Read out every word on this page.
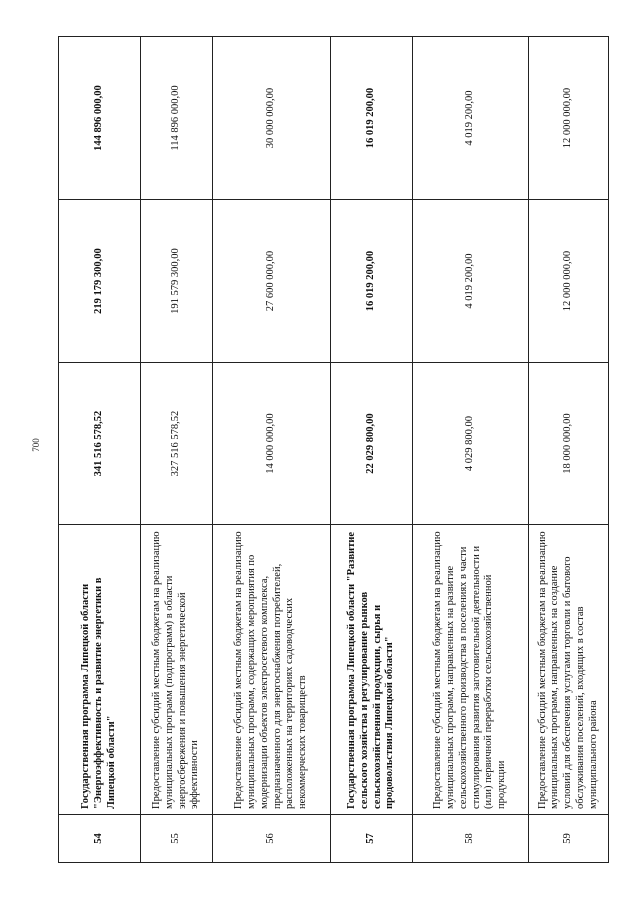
700
54	Государственная программа Липецкой области "Энергоэффективность и развитие энергетики в Липецкой области"	341 516 578,52	219 179 300,00	144 896 000,00
55	Предоставление субсидий местным бюджетам на реализацию муниципальных программ (подпрограмм) в области энергосбережения и повышения энергетической эффективности	327 516 578,52	191 579 300,00	114 896 000,00
56	Предоставление субсидий местным бюджетам на реализацию муниципальных программ, содержащих мероприятия по модернизации объектов электросетевого комплекса, предназначенного для энергоснабжения потребителей, расположенных на территориях садоводческих некоммерческих товариществ	14 000 000,00	27 600 000,00	30 000 000,00
57	Государственная программа Липецкой области "Развитие сельского хозяйства и регулирование рынков сельскохозяйственной продукции, сырья и продовольствия Липецкой области"	22 029 800,00	16 019 200,00	16 019 200,00
58	Предоставление субсидий местным бюджетам на реализацию муниципальных программ, направленных на развитие сельскохозяйственного производства в поселениях в части стимулирования развития заготовительной деятельности и (или) первичной переработки сельскохозяйственной продукции	4 029 800,00	4 019 200,00	4 019 200,00
59	Предоставление субсидий местным бюджетам на реализацию муниципальных программ, направленных на создание условий для обеспечения услугами торговли и бытового обслуживания поселений, входящих в состав муниципального района	18 000 000,00	12 000 000,00	12 000 000,00
